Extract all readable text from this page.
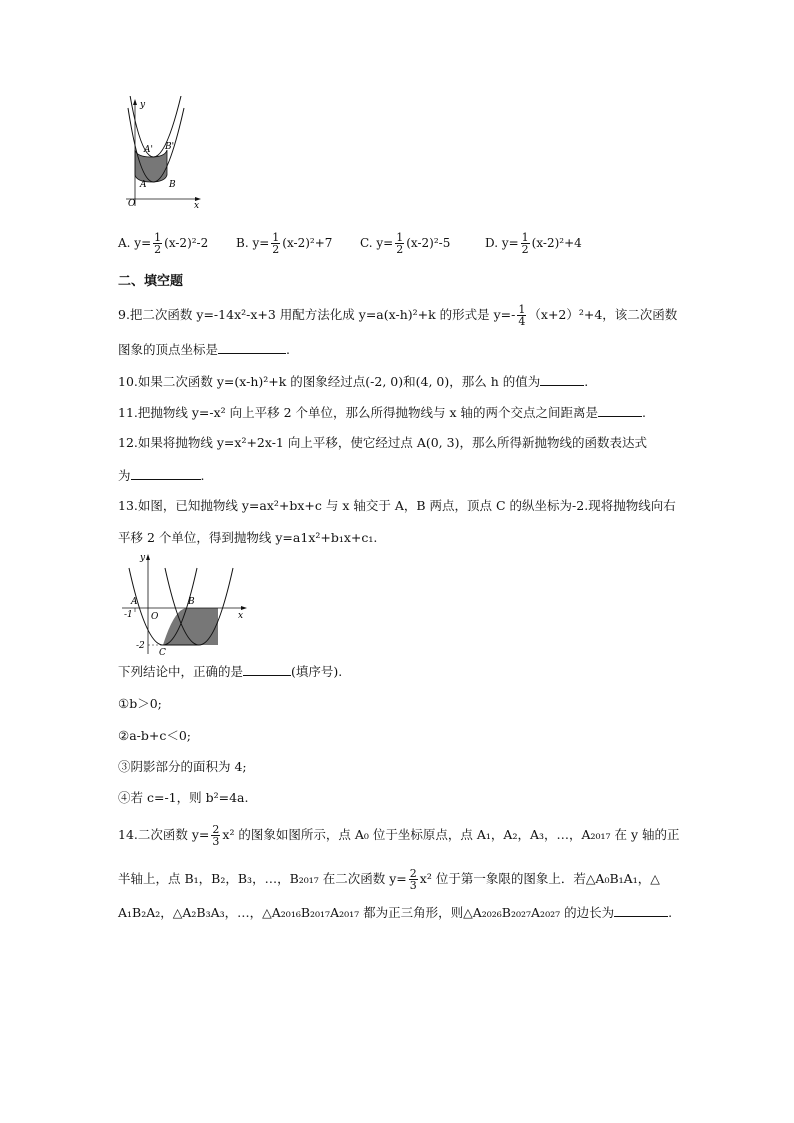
y
x
O
A	B
A' B'
A. $y= \frac{1}{2} (x-2)^2-2$ B. $y= \frac{1}{2} (x-2)^2+7$ C. $y= \frac{1}{2} (x-2)^2-5$	D. $y= \frac{1}{2} (x-2)^2+4$
二、填空题
9.把二次函数 y=-14x²-x+3 用配方法化成 y=a(x-h)²+k 的形式是 $y=- \frac{1}{4} (x+2)^2+4$，该二次函数
图象的顶点坐标是	.
10.如果二次函数 y=(x-h)²+k 的图象经过点(-2, 0)和(4, 0)，那么 h 的值为	.
11.把抛物线 y=-x² 向上平移 2 个单位，那么所得抛物线与 x 轴的两个交点之间距离是	.
12.如果将抛物线 y=x²+2x-1 向上平移，使它经过点 A(0, 3)，那么所得新抛物线的函数表达式
为	.
13.如图，已知抛物线 y=ax²+bx+c 与 x 轴交于 A，B 两点，顶点 C 的纵坐标为-2.现将抛物线向右
平移 2 个单位，得到抛物线 y=a1x²+b₁x+c₁.
y
x
A
O
B
C
-1
-2
下列结论中，正确的是	(填序号).
①b＞0;
②a-b+c＜0;
③阴影部分的面积为 4;
④若 c=-1，则 b²=4a.
14.二次函数 $y= \frac{2}{3} x^2$ 的图象如图所示，点 A₀ 位于坐标原点，点 A₁，A₂，A₃，…，A₂₀₁₇ 在 y 轴的正
半轴上，点 B₁，B₂，B₃，…，B₂₀₁₇ 在二次函数 $y= \frac{2}{3} x^2$ 位于第一象限的图象上．若△A₀B₁A₁，△
A₁B₂A₂，△A₂B₃A₃，…，△A₂₀₁₆B₂₀₁₇A₂₀₁₇ 都为正三角形，则△A₂₀₂₆B₂₀₂₇A₂₀₂₇ 的边长为	.
